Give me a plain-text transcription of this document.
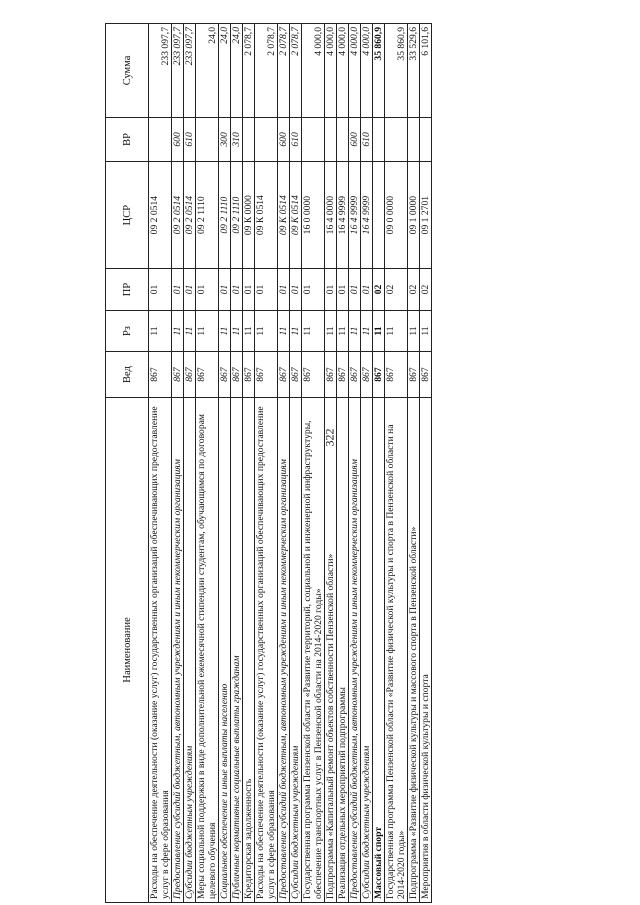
322
Наименование	Вед	Рз	ПР	ЦСР	ВР	Сумма
Расходы на обеспечение деятельности (оказание услуг) государственных организаций обеспечивающих предоставление услуг в сфере образования	867	11	01	09 2 0514		233 097,7
Предоставление субсидий бюджетным, автономным учреждениям и иным некоммерческим организациям	867	11	01	09 2 0514	600	233 097,7
Субсидии бюджетным учреждениям	867	11	01	09 2 0514	610	233 097,7
Меры социальной поддержки в виде дополнительной ежемесячной стипендии студентам, обучающимся по договорам целевого обучения	867	11	01	09 2 1110		24,0
Социальное обеспечение и иные выплаты населению	867	11	01	09 2 1110	300	24,0
Публичные нормативные социальные выплаты гражданам	867	11	01	09 2 1110	310	24,0
Кредиторская задолженность	867	11	01	09 К 0000		2 078,7
Расходы на обеспечение деятельности (оказание услуг) государственных организаций обеспечивающих предоставление услуг в сфере образования	867	11	01	09 К 0514		2 078,7
Предоставление субсидий бюджетным, автономным учреждениям и иным некоммерческим организациям	867	11	01	09 К 0514	600	2 078,7
Субсидии бюджетным учреждениям	867	11	01	09 К 0514	610	2 078,7
Государственная программа Пензенской области «Развитие территорий, социальной и инженерной инфраструктуры, обеспечение транспортных услуг в Пензенской области на 2014-2020 годы»	867	11	01	16 0 0000		4 000,0
Подпрограмма «Капитальный ремонт объектов собственности Пензенской области»	867	11	01	16 4 0000		4 000,0
Реализация отдельных мероприятий подпрограммы	867	11	01	16 4 9999		4 000,0
Предоставление субсидий бюджетным, автономным учреждениям и иным некоммерческим организациям	867	11	01	16 4 9999	600	4 000,0
Субсидии бюджетным учреждениям	867	11	01	16 4 9999	610	4 000,0
Массовый спорт	867	11	02			35 860,9
Государственная программа Пензенской области «Развитие физической культуры и спорта в Пензенской области на 2014-2020 годы»	867	11	02	09 0 0000		35 860,9
Подпрограмма «Развитие физической культуры и массового спорта в Пензенской области»	867	11	02	09 1 0000		33 529,6
Мероприятия в области физической культуры и спорта	867	11	02	09 1 2701		6 101,6
